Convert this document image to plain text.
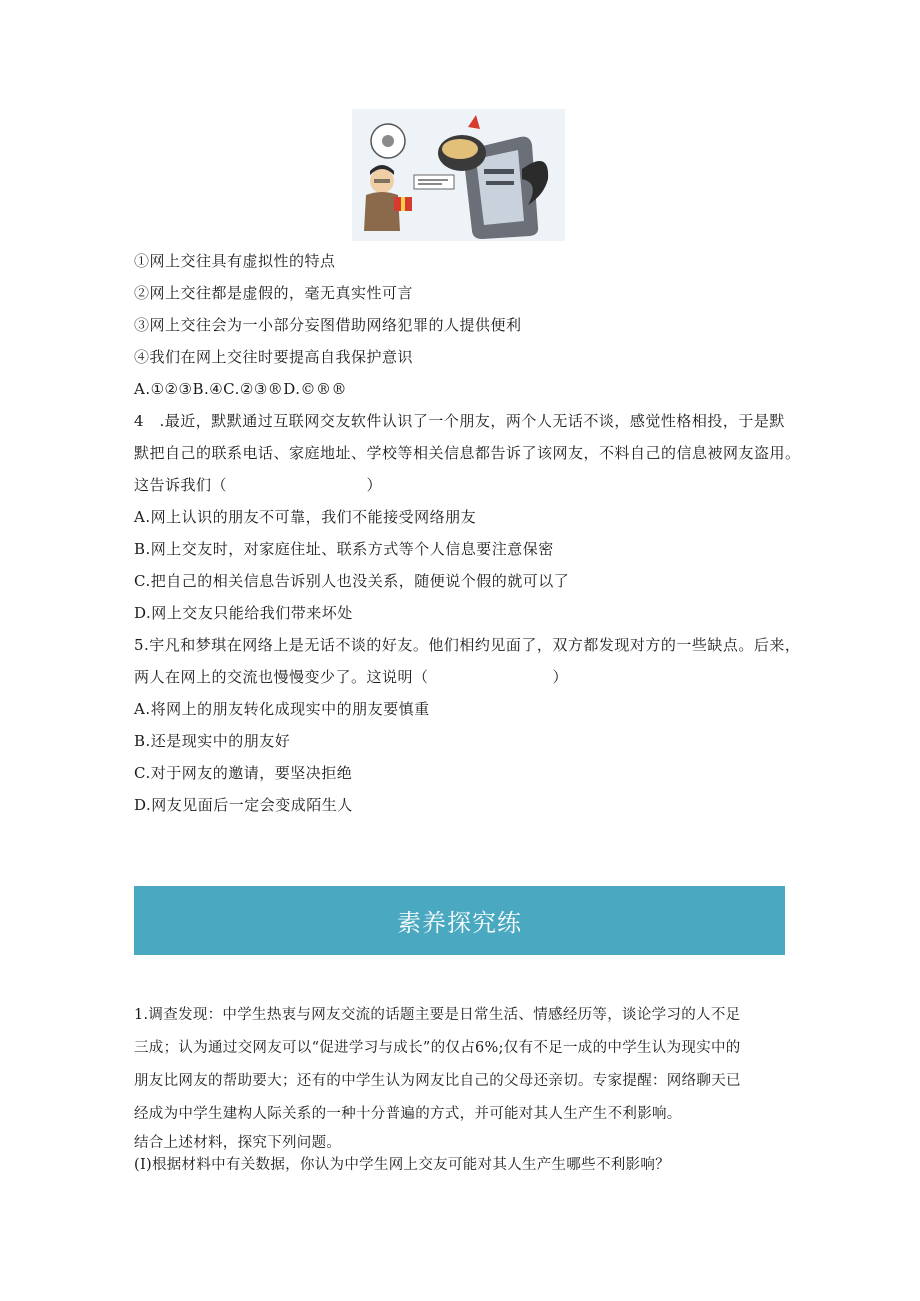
①网上交往具有虚拟性的特点
②网上交往都是虚假的，毫无真实性可言
③网上交往会为一小部分妄图借助网络犯罪的人提供便利
④我们在网上交往时要提高自我保护意识
A.①②③B.④C.②③®D.©®®
4　.最近，默默通过互联网交友软件认识了一个朋友，两个人无话不谈，感觉性格相投，于是默
默把自己的联系电话、家庭地址、学校等相关信息都告诉了该网友，不料自己的信息被网友盗用。
这告诉我们（　　　　　　　　　）
A.网上认识的朋友不可靠，我们不能接受网络朋友
B.网上交友时，对家庭住址、联系方式等个人信息要注意保密
C.把自己的相关信息告诉别人也没关系，随便说个假的就可以了
D.网上交友只能给我们带来坏处
5.宇凡和梦琪在网络上是无话不谈的好友。他们相约见面了，双方都发现对方的一些缺点。后来，
两人在网上的交流也慢慢变少了。这说明（　　　　　　　　）
A.将网上的朋友转化成现实中的朋友要慎重
B.还是现实中的朋友好
C.对于网友的邀请，要坚决拒绝
D.网友见面后一定会变成陌生人
素养探究练
1.调查发现：中学生热衷与网友交流的话题主要是日常生活、情感经历等，谈论学习的人不足
三成；认为通过交网友可以“促进学习与成长”的仅占6%;仅有不足一成的中学生认为现实中的
朋友比网友的帮助要大；还有的中学生认为网友比自己的父母还亲切。专家提醒：网络聊天已
经成为中学生建构人际关系的一种十分普遍的方式，并可能对其人生产生不利影响。
结合上述材料，探究下列问题。
(I)根据材料中有关数据，你认为中学生网上交友可能对其人生产生哪些不利影响？
